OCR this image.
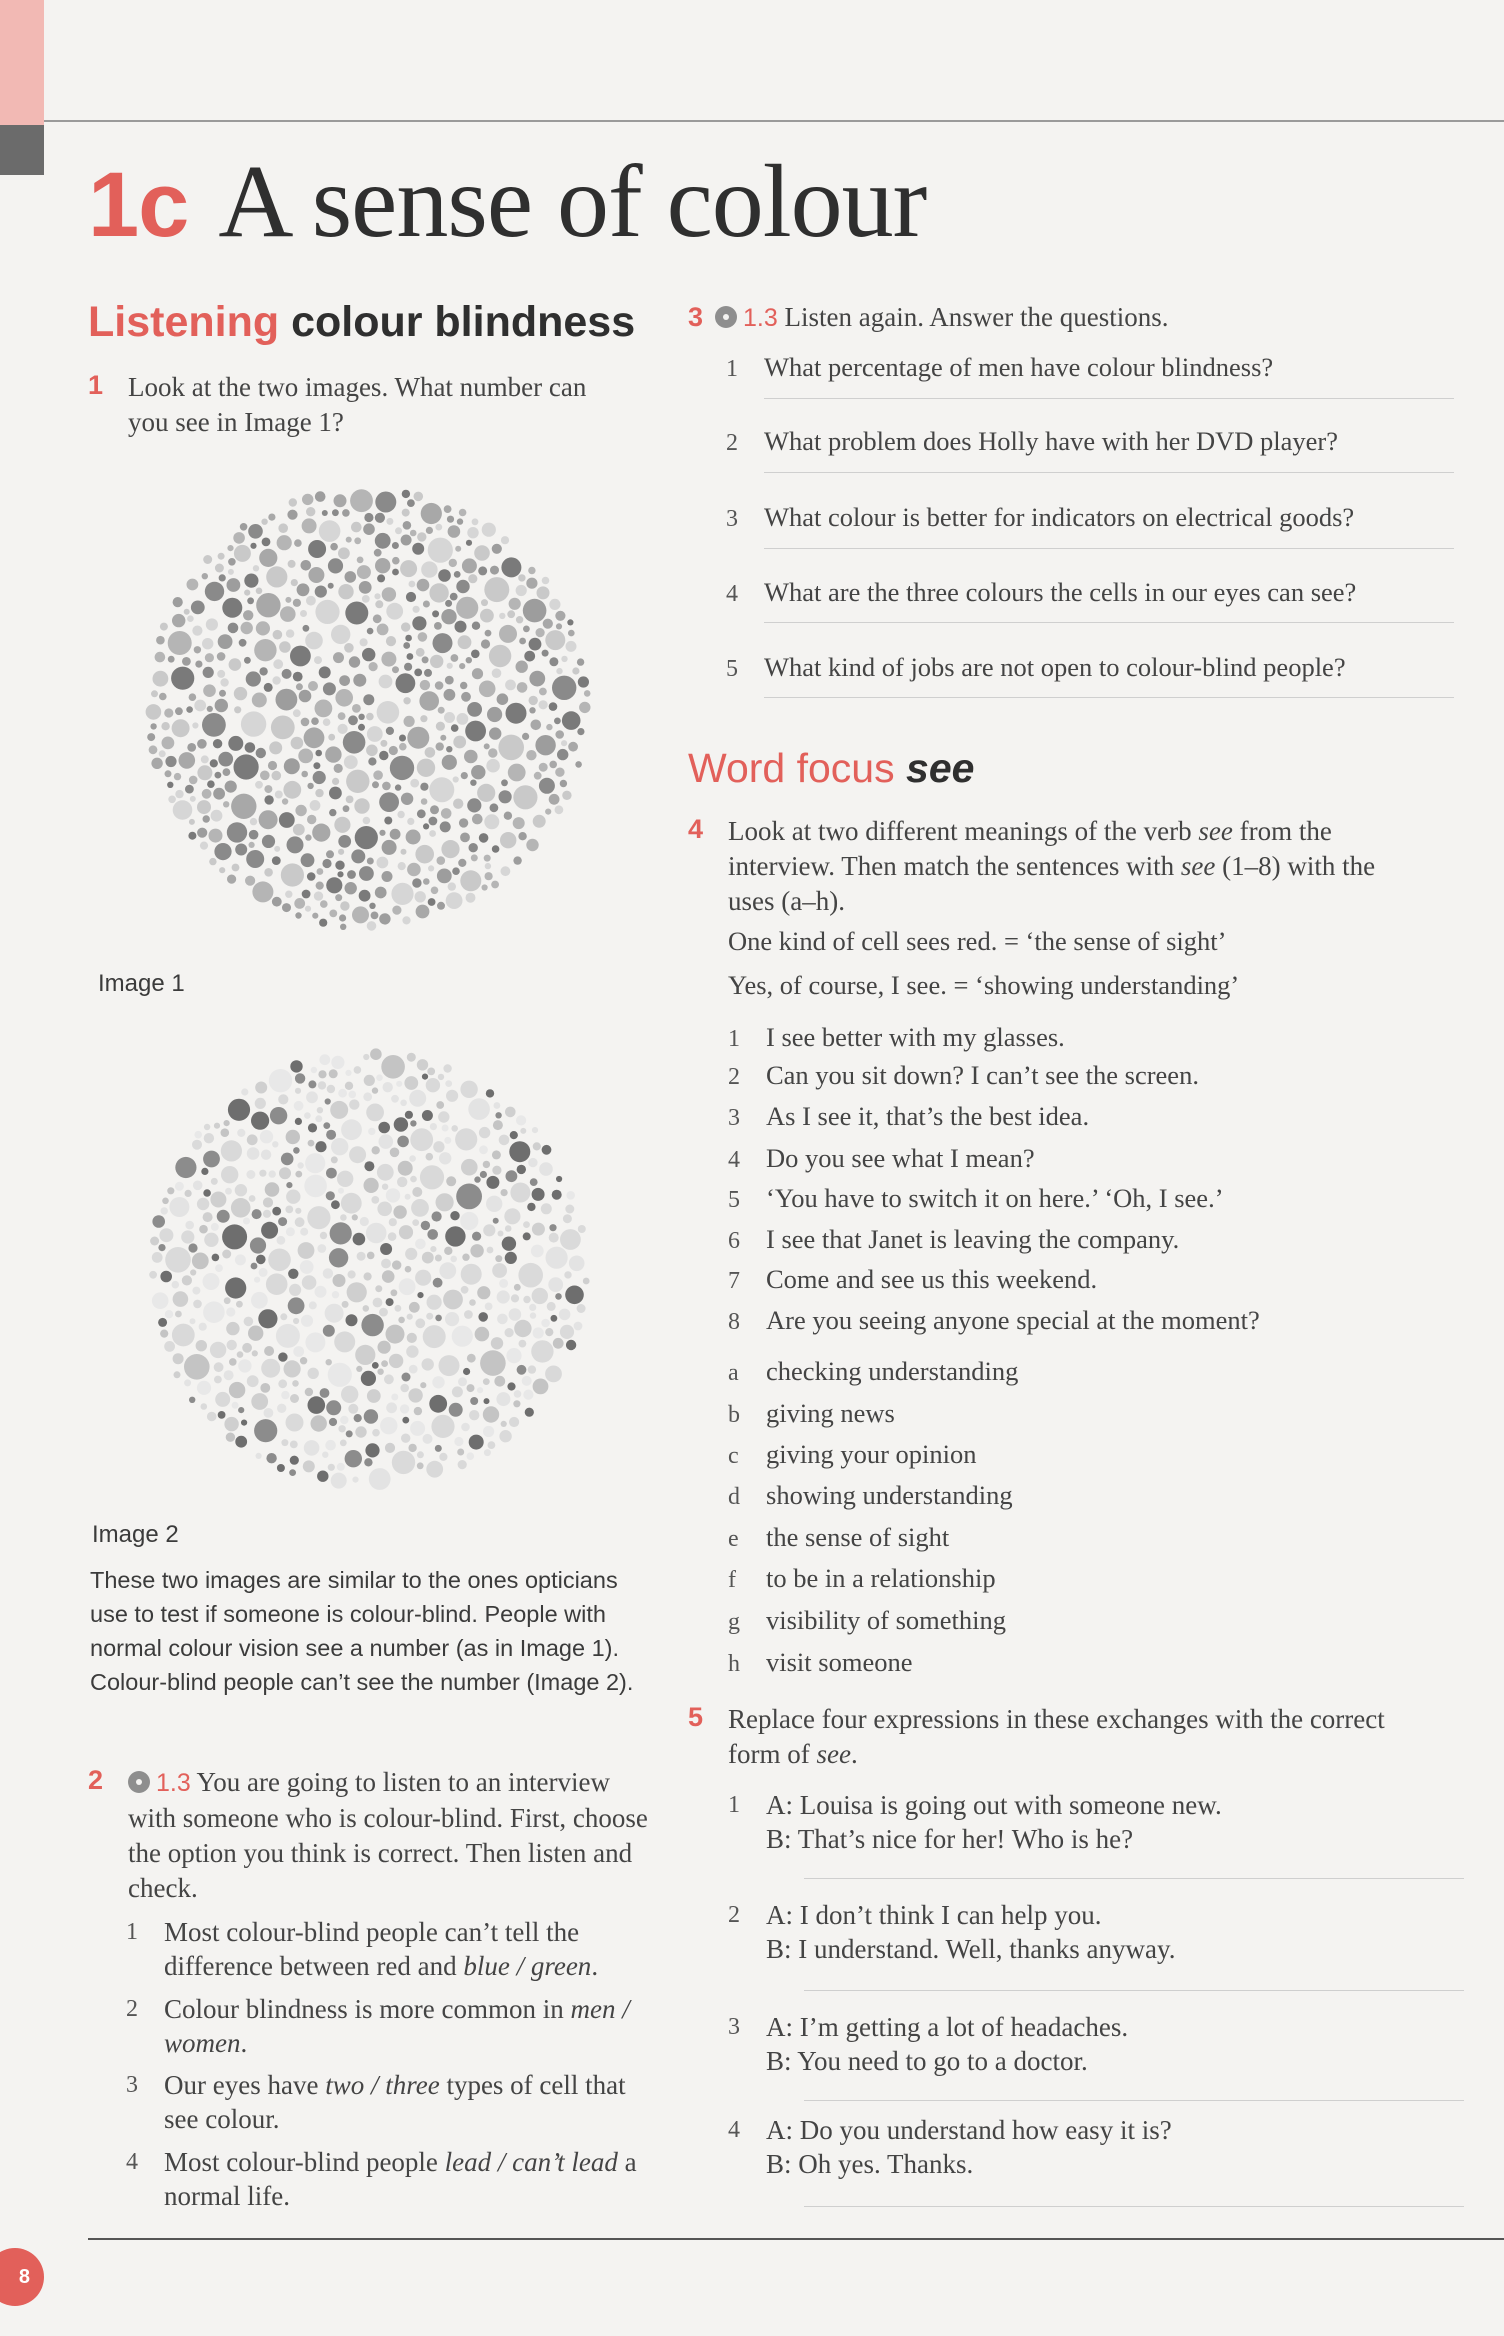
8
1c A sense of colour
Listening colour blindness
1 Look at the two images. What number can you see in Image 1?
Image 1
Image 2
These two images are similar to the ones opticians use to test if someone is colour-blind. People with normal colour vision see a number (as in Image 1). Colour-blind people can’t see the number (Image 2).
2	1.3 You are going to listen to an interview with someone who is colour-blind. First, choose the option you think is correct. Then listen and check.
1 Most colour-blind people can’t tell the difference between red and blue / green.
2 Colour blindness is more common in men / women.
3 Our eyes have two / three types of cell that see colour.
4 Most colour-blind people lead / can’t lead a normal life.
3 1.3 Listen again. Answer the questions.
1 What percentage of men have colour blindness?
2 What problem does Holly have with her DVD player?
3 What colour is better for indicators on electrical goods?
4 What are the three colours the cells in our eyes can see?
5 What kind of jobs are not open to colour-blind people?
Word focus see
4 Look at two different meanings of the verb see from the interview. Then match the sentences with see (1–8) with the uses (a–h).
One kind of cell sees red. = ‘the sense of sight’
Yes, of course, I see. = ‘showing understanding’
1 I see better with my glasses.
2 Can you sit down? I can’t see the screen.
3 As I see it, that’s the best idea.
4 Do you see what I mean?
5 ‘You have to switch it on here.’ ‘Oh, I see.’
6 I see that Janet is leaving the company.
7 Come and see us this weekend.
8 Are you seeing anyone special at the moment?
a checking understanding
b giving news
c giving your opinion
d showing understanding
e the sense of sight
f to be in a relationship
g visibility of something
h visit someone
5 Replace four expressions in these exchanges with the correct form of see.
1 A: Louisa is going out with someone new.
B: That’s nice for her! Who is he?
2 A: I don’t think I can help you.
B: I understand. Well, thanks anyway.
3 A: I’m getting a lot of headaches.
B: You need to go to a doctor.
4 A: Do you understand how easy it is?
B: Oh yes. Thanks.
